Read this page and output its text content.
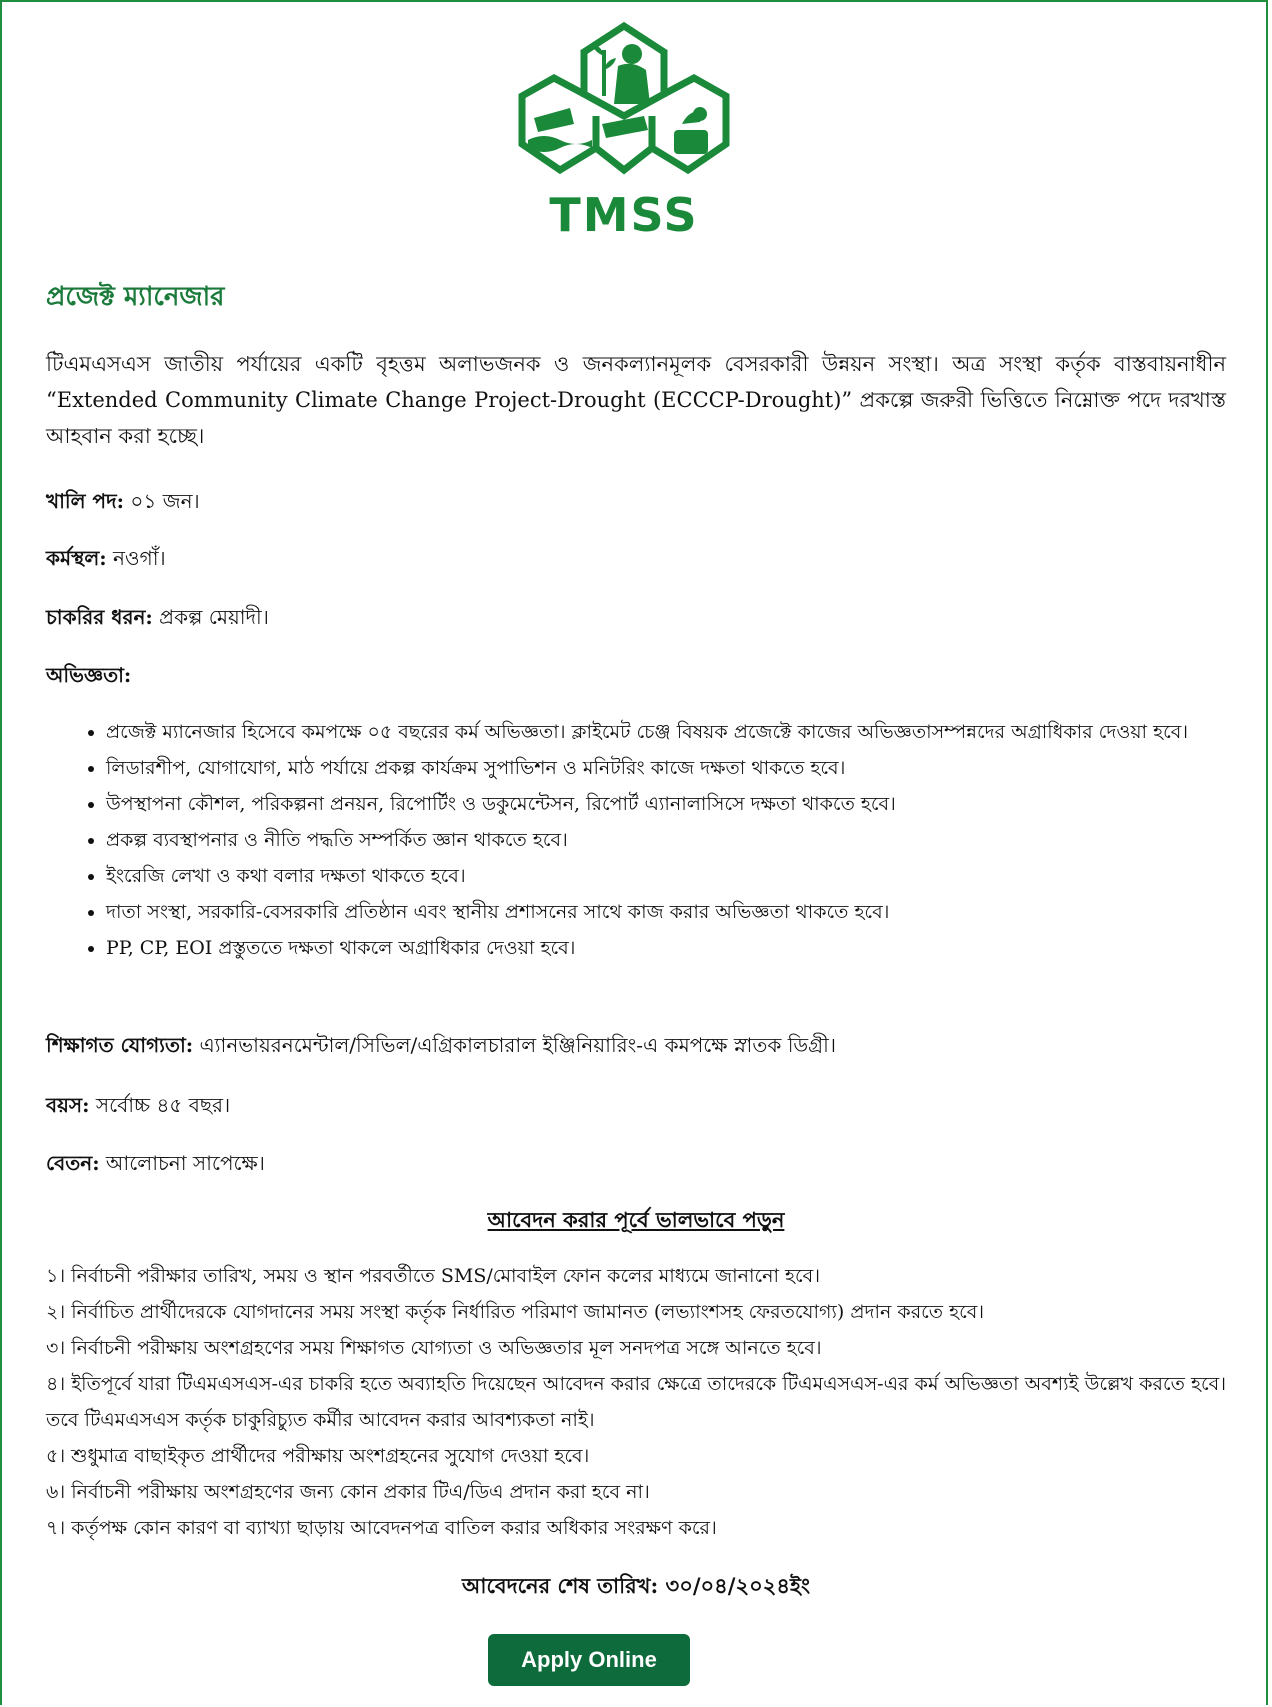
TMSS
প্রজেক্ট ম্যানেজার

টিএমএসএস জাতীয় পর্যায়ের একটি বৃহত্তম অলাভজনক ও জনকল্যানমূলক বেসরকারী উন্নয়ন সংস্থা। অত্র সংস্থা কর্তৃক বাস্তবায়নাধীন “Extended Community Climate Change Project-Drought (ECCCP-Drought)” প্রকল্পে জরুরী ভিত্তিতে নিম্নোক্ত পদে দরখাস্ত আহবান করা হচ্ছে।

খালি পদ: ০১ জন।

কর্মস্থল: নওগাঁ।

চাকরির ধরন: প্রকল্প মেয়াদী।

অভিজ্ঞতা:

• প্রজেক্ট ম্যানেজার হিসেবে কমপক্ষে ০৫ বছরের কর্ম অভিজ্ঞতা। ক্লাইমেট চেঞ্জ বিষয়ক প্রজেক্টে কাজের অভিজ্ঞতাসম্পন্নদের অগ্রাধিকার দেওয়া হবে।
• লিডারশীপ, যোগাযোগ, মাঠ পর্যায়ে প্রকল্প কার্যক্রম সুপাভিশন ও মনিটরিং কাজে দক্ষতা থাকতে হবে।
• উপস্থাপনা কৌশল, পরিকল্পনা প্রনয়ন, রিপোর্টিং ও ডকুমেন্টেসন, রিপোর্ট এ্যানালাসিসে দক্ষতা থাকতে হবে।
• প্রকল্প ব্যবস্থাপনার ও নীতি পদ্ধতি সম্পর্কিত জ্ঞান থাকতে হবে।
• ইংরেজি লেখা ও কথা বলার দক্ষতা থাকতে হবে।
• দাতা সংস্থা, সরকারি-বেসরকারি প্রতিষ্ঠান এবং স্থানীয় প্রশাসনের সাথে কাজ করার অভিজ্ঞতা থাকতে হবে।
• PP, CP, EOI প্রস্তুততে দক্ষতা থাকলে অগ্রাধিকার দেওয়া হবে।

শিক্ষাগত যোগ্যতা: এ্যানভায়রনমেন্টাল/সিভিল/এগ্রিকালচারাল ইঞ্জিনিয়ারিং-এ কমপক্ষে স্নাতক ডিগ্রী।

বয়স: সর্বোচ্চ ৪৫ বছর।

বেতন: আলোচনা সাপেক্ষে।

আবেদন করার পূর্বে ভালভাবে পড়ুন
১। নির্বাচনী পরীক্ষার তারিখ, সময় ও স্থান পরবর্তীতে SMS/মোবাইল ফোন কলের মাধ্যমে জানানো হবে।
২। নির্বাচিত প্রার্থীদেরকে যোগদানের সময় সংস্থা কর্তৃক নির্ধারিত পরিমাণ জামানত (লভ্যাংশসহ ফেরতযোগ্য) প্রদান করতে হবে।
৩। নির্বাচনী পরীক্ষায় অংশগ্রহণের সময় শিক্ষাগত যোগ্যতা ও অভিজ্ঞতার মূল সনদপত্র সঙ্গে আনতে হবে।
৪। ইতিপূর্বে যারা টিএমএসএস-এর চাকরি হতে অব্যাহতি দিয়েছেন আবেদন করার ক্ষেত্রে তাদেরকে টিএমএসএস-এর কর্ম অভিজ্ঞতা অবশ্যই উল্লেখ করতে হবে। তবে টিএমএসএস কর্তৃক চাকুরিচ্যুত কর্মীর আবেদন করার আবশ্যকতা নাই।
৫। শুধুমাত্র বাছাইকৃত প্রার্থীদের পরীক্ষায় অংশগ্রহনের সুযোগ দেওয়া হবে।
৬। নির্বাচনী পরীক্ষায় অংশগ্রহণের জন্য কোন প্রকার টিএ/ডিএ প্রদান করা হবে না।
৭। কর্তৃপক্ষ কোন কারণ বা ব্যাখ্যা ছাড়ায় আবেদনপত্র বাতিল করার অধিকার সংরক্ষণ করে।
আবেদনের শেষ তারিখ: ৩০/০৪/২০২৪ইং
Apply Online
